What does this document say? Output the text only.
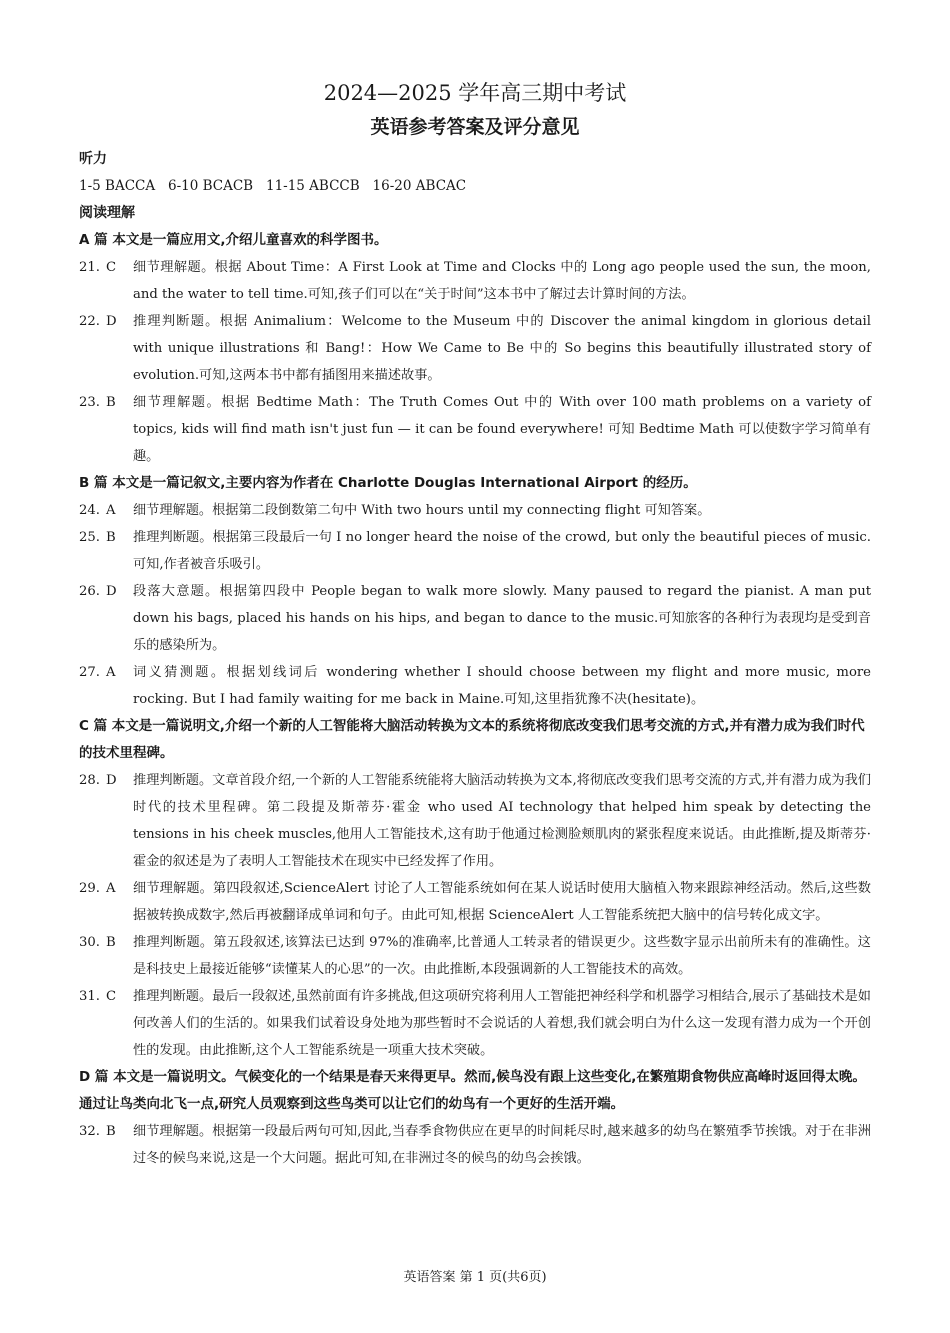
2024—2025 学年高三期中考试
英语参考答案及评分意见
听力
1-5 BACCA   6-10 BCACB   11-15 ABCCB   16-20 ABCAC
阅读理解
A 篇 本文是一篇应用文,介绍儿童喜欢的科学图书。
21. C	细节理解题。根据 About Time：A First Look at Time and Clocks 中的 Long ago people used the sun, the moon, and the water to tell time.可知,孩子们可以在“关于时间”这本书中了解过去计算时间的方法。
22. D	推理判断题。根据 Animalium：Welcome to the Museum 中的 Discover the animal kingdom in glorious detail with unique illustrations 和 Bang!：How We Came to Be 中的 So begins this beautifully illustrated story of evolution.可知,这两本书中都有插图用来描述故事。
23. B	细节理解题。根据 Bedtime Math：The Truth Comes Out 中的 With over 100 math problems on a variety of topics, kids will find math isn't just fun — it can be found everywhere! 可知 Bedtime Math 可以使数字学习简单有趣。
B 篇 本文是一篇记叙文,主要内容为作者在 Charlotte Douglas International Airport 的经历。
24. A	细节理解题。根据第二段倒数第二句中 With two hours until my connecting flight 可知答案。
25. B	推理判断题。根据第三段最后一句 I no longer heard the noise of the crowd, but only the beautiful pieces of music.可知,作者被音乐吸引。
26. D	段落大意题。根据第四段中 People began to walk more slowly. Many paused to regard the pianist. A man put down his bags, placed his hands on his hips, and began to dance to the music.可知旅客的各种行为表现均是受到音乐的感染所为。
27. A	词义猜测题。根据划线词后 wondering whether I should choose between my flight and more music, more rocking. But I had family waiting for me back in Maine.可知,这里指犹豫不决(hesitate)。
C 篇 本文是一篇说明文,介绍一个新的人工智能将大脑活动转换为文本的系统将彻底改变我们思考交流的方式,并有潜力成为我们时代的技术里程碑。
28. D	推理判断题。文章首段介绍,一个新的人工智能系统能将大脑活动转换为文本,将彻底改变我们思考交流的方式,并有潜力成为我们时代的技术里程碑。第二段提及斯蒂芬·霍金 who used AI technology that helped him speak by detecting the tensions in his cheek muscles,他用人工智能技术,这有助于他通过检测脸颊肌肉的紧张程度来说话。由此推断,提及斯蒂芬·霍金的叙述是为了表明人工智能技术在现实中已经发挥了作用。
29. A	细节理解题。第四段叙述,ScienceAlert 讨论了人工智能系统如何在某人说话时使用大脑植入物来跟踪神经活动。然后,这些数据被转换成数字,然后再被翻译成单词和句子。由此可知,根据 ScienceAlert 人工智能系统把大脑中的信号转化成文字。
30. B	推理判断题。第五段叙述,该算法已达到 97%的准确率,比普通人工转录者的错误更少。这些数字显示出前所未有的准确性。这是科技史上最接近能够“读懂某人的心思”的一次。由此推断,本段强调新的人工智能技术的高效。
31. C	推理判断题。最后一段叙述,虽然前面有许多挑战,但这项研究将利用人工智能把神经科学和机器学习相结合,展示了基础技术是如何改善人们的生活的。如果我们试着设身处地为那些暂时不会说话的人着想,我们就会明白为什么这一发现有潜力成为一个开创性的发现。由此推断,这个人工智能系统是一项重大技术突破。
D 篇 本文是一篇说明文。气候变化的一个结果是春天来得更早。然而,候鸟没有跟上这些变化,在繁殖期食物供应高峰时返回得太晚。通过让鸟类向北飞一点,研究人员观察到这些鸟类可以让它们的幼鸟有一个更好的生活开端。
32. B	细节理解题。根据第一段最后两句可知,因此,当春季食物供应在更早的时间耗尽时,越来越多的幼鸟在繁殖季节挨饿。对于在非洲过冬的候鸟来说,这是一个大问题。据此可知,在非洲过冬的候鸟的幼鸟会挨饿。
英语答案 第 1 页(共6页)
